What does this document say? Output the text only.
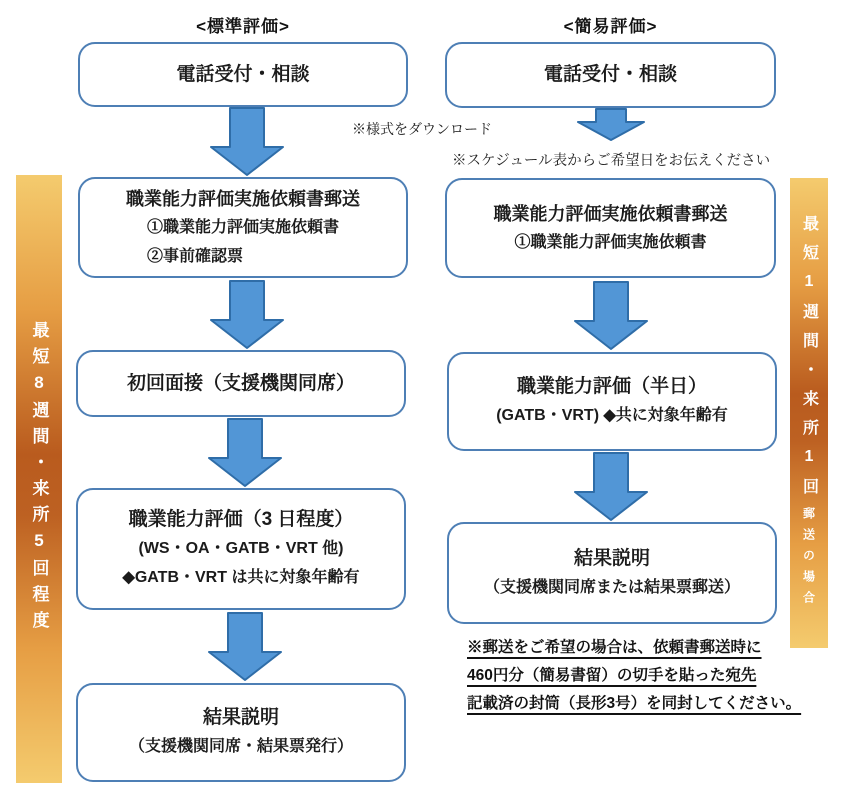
<標準評価>	<簡易評価>
最短8週間・来所5回程度	最短1週間・来所1回郵送の場合
電話受付・相談
職業能力評価実施依頼書郵送
①職業能力評価実施依頼書
②事前確認票
初回面接（支援機関同席）
職業能力評価（3 日程度）
(WS・OA・GATB・VRT 他)
◆GATB・VRT は共に対象年齢有
結果説明
（支援機関同席・結果票発行）
電話受付・相談
職業能力評価実施依頼書郵送
①職業能力評価実施依頼書
職業能力評価（半日）
(GATB・VRT) ◆共に対象年齢有
結果説明
（支援機関同席または結果票郵送）
※様式をダウンロード
※スケジュール表からご希望日をお伝えください
※郵送をご希望の場合は、依頼書郵送時に
460円分（簡易書留）の切手を貼った宛先
記載済の封筒（長形3号）を同封してください。
